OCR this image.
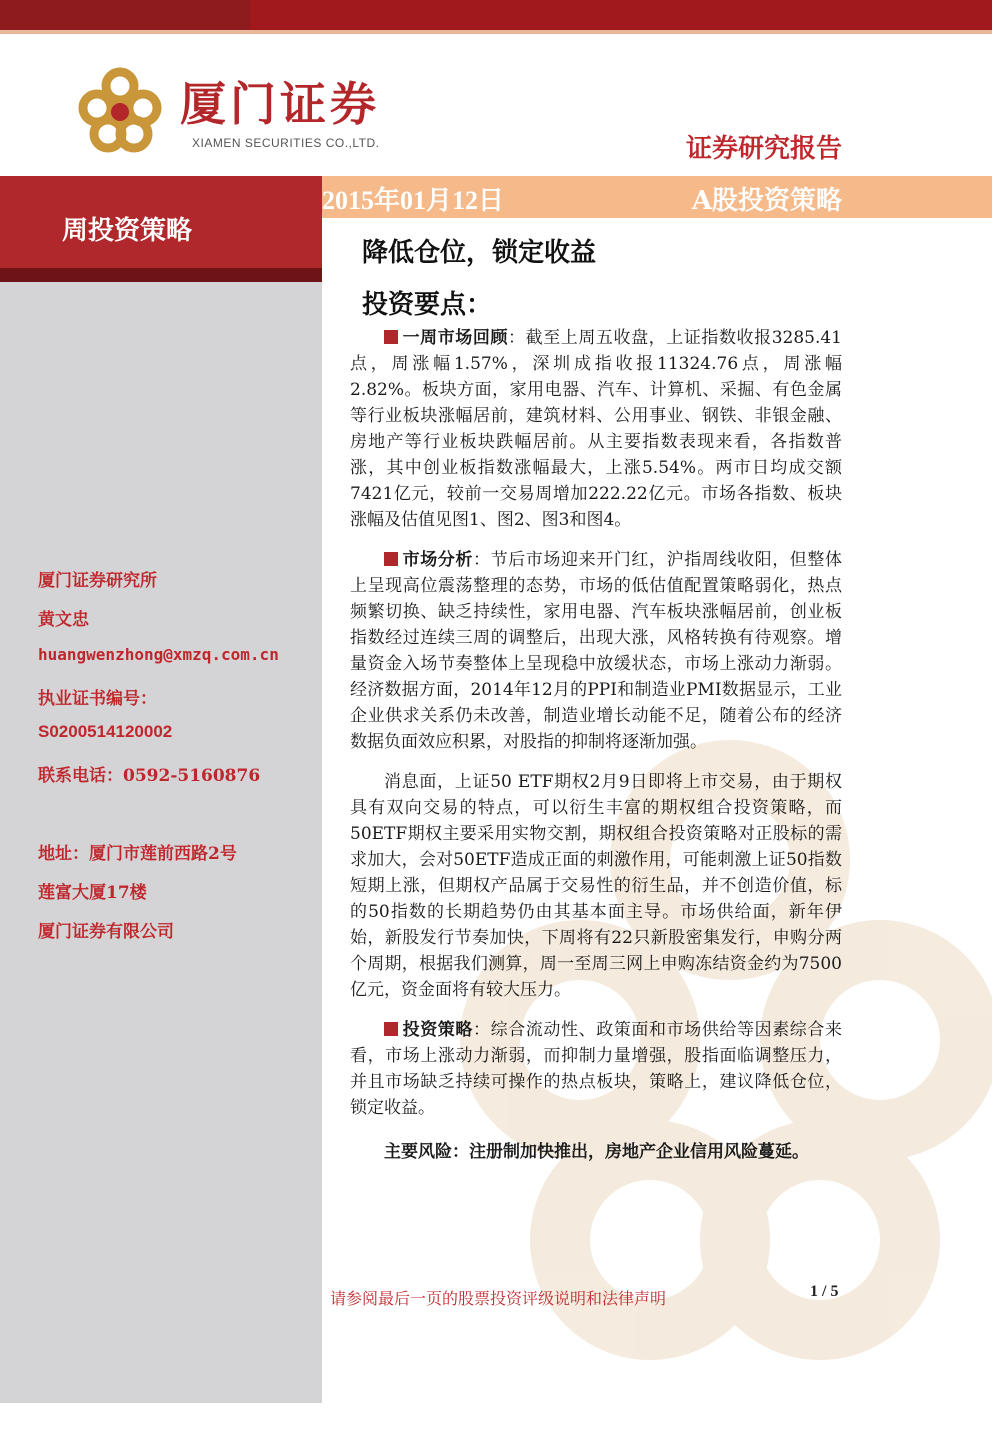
厦门证券
XIAMEN SECURITIES CO.,LTD.	证券研究报告
周投资策略
2015年01月12日	A股投资策略
降低仓位，锁定收益
投资要点：

一周市场回顾：截至上周五收盘，上证指数收报3285.41点，周涨幅1.57%，深圳成指收报11324.76点，周涨幅2.82%。板块方面，家用电器、汽车、计算机、采掘、有色金属等行业板块涨幅居前，建筑材料、公用事业、钢铁、非银金融、房地产等行业板块跌幅居前。从主要指数表现来看，各指数普涨，其中创业板指数涨幅最大，上涨5.54%。两市日均成交额7421亿元，较前一交易周增加222.22亿元。市场各指数、板块涨幅及估值见图1、图2、图3和图4。

市场分析：节后市场迎来开门红，沪指周线收阳，但整体上呈现高位震荡整理的态势，市场的低估值配置策略弱化，热点频繁切换、缺乏持续性，家用电器、汽车板块涨幅居前，创业板指数经过连续三周的调整后，出现大涨，风格转换有待观察。增量资金入场节奏整体上呈现稳中放缓状态，市场上涨动力渐弱。经济数据方面，2014年12月的PPI和制造业PMI数据显示，工业企业供求关系仍未改善，制造业增长动能不足，随着公布的经济数据负面效应积累，对股指的抑制将逐渐加强。

消息面，上证50 ETF期权2月9日即将上市交易，由于期权具有双向交易的特点，可以衍生丰富的期权组合投资策略，而50ETF期权主要采用实物交割，期权组合投资策略对正股标的需求加大，会对50ETF造成正面的刺激作用，可能刺激上证50指数短期上涨，但期权产品属于交易性的衍生品，并不创造价值，标的50指数的长期趋势仍由其基本面主导。市场供给面，新年伊始，新股发行节奏加快，下周将有22只新股密集发行，申购分两个周期，根据我们测算，周一至周三网上申购冻结资金约为7500亿元，资金面将有较大压力。

投资策略：综合流动性、政策面和市场供给等因素综合来看，市场上涨动力渐弱，而抑制力量增强，股指面临调整压力，并且市场缺乏持续可操作的热点板块，策略上，建议降低仓位，锁定收益。

主要风险：注册制加快推出，房地产企业信用风险蔓延。

厦门证券研究所
黄文忠
huangwenzhong@xmzq.com.cn
执业证书编号：
S0200514120002
联系电话：0592-5160876
地址：厦门市莲前西路2号
莲富大厦17楼
厦门证券有限公司
请参阅最后一页的股票投资评级说明和法律声明	1 / 5
